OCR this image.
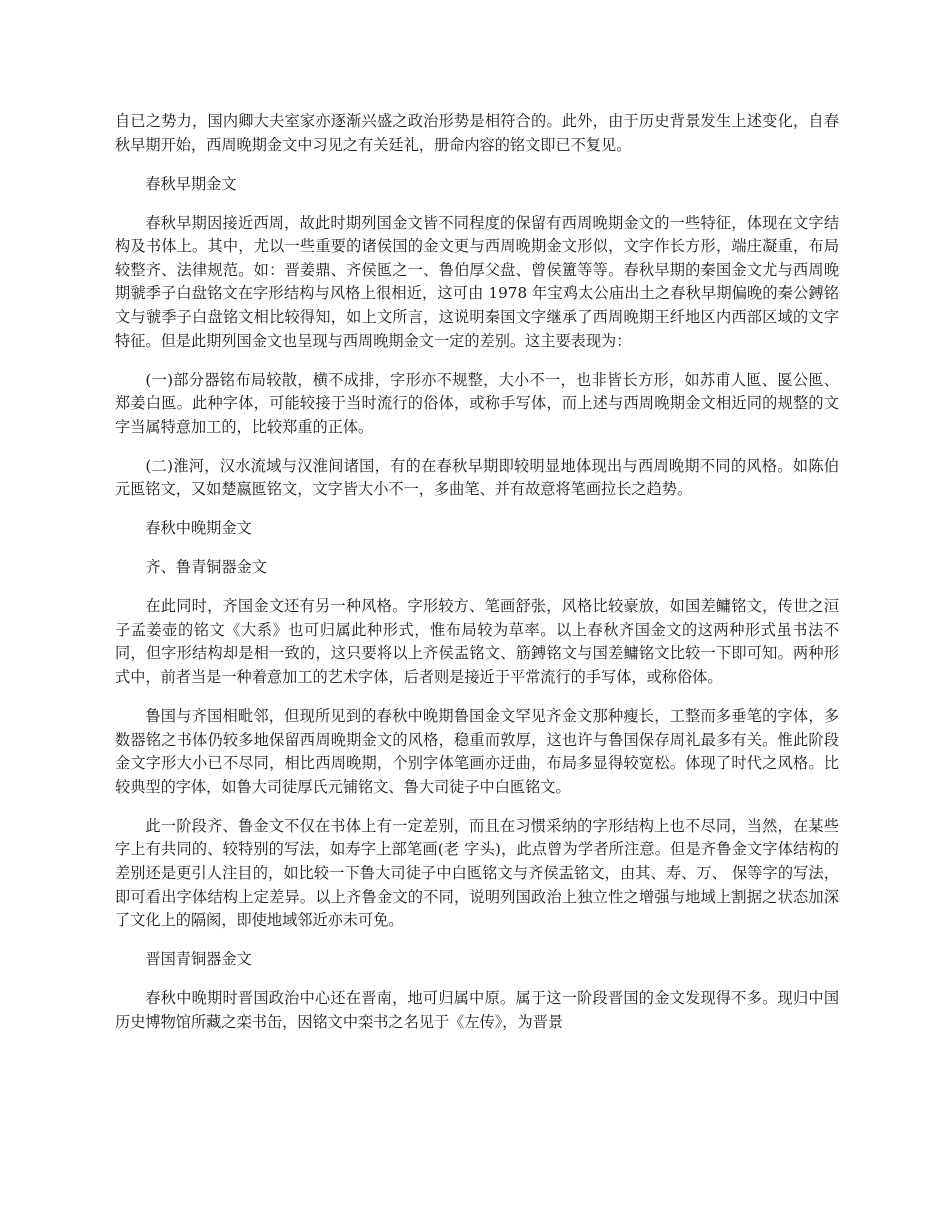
自已之势力，国内卿大夫室家亦逐渐兴盛之政治形势是相符合的。此外，由于历史背景发生上述变化，自春秋早期开始，西周晚期金文中习见之有关廷礼，册命内容的铭文即已不复见。

春秋早期金文

春秋早期因接近西周，故此时期列国金文皆不同程度的保留有西周晚期金文的一些特征，体现在文字结构及书体上。其中，尤以一些重要的诸侯国的金文更与西周晚期金文形似，文字作长方形，端庄凝重，布局较整齐、法律规范。如：晋姜鼎、齐侯匜之一、鲁伯厚父盘、曾侯簠等等。春秋早期的秦国金文尤与西周晚期虢季子白盘铭文在字形结构与风格上很相近，这可由 1978 年宝鸡太公庙出土之春秋早期偏晚的秦公鎛铭文与虢季子白盘铭文相比较得知，如上文所言，这说明秦国文字继承了西周晚期王纤地区内西部区域的文字特征。但是此期列国金文也呈现与西周晚期金文一定的差别。这主要表现为：

(一)部分器铭布局较散，横不成排，字形亦不规整，大小不一，也非皆长方形，如苏甫人匜、匽公匜、郑姜白匜。此种字体，可能较接于当时流行的俗体，或称手写体，而上述与西周晚期金文相近同的规整的文字当属特意加工的，比较郑重的正体。

(二)淮河，汉水流域与汉淮间诸国，有的在春秋早期即较明显地体现出与西周晚期不同的风格。如陈伯元匜铭文，又如楚嬴匜铭文，文字皆大小不一，多曲笔、并有故意将笔画拉长之趋势。

春秋中晚期金文

齐、鲁青铜器金文

在此同时，齐国金文还有另一种风格。字形较方、笔画舒张，风格比较豪放，如国差鳙铭文，传世之洹子孟姜壶的铭文《大系》也可归属此种形式，惟布局较为草率。以上春秋齐国金文的这两种形式虽书法不同，但字形结构却是相一致的，这只要将以上齐侯盂铭文、筋鎛铭文与国差鳙铭文比较一下即可知。两种形式中，前者当是一种着意加工的艺术字体，后者则是接近于平常流行的手写体，或称俗体。

鲁国与齐国相毗邻，但现所见到的春秋中晚期鲁国金文罕见齐金文那种瘦长，工整而多垂笔的字体，多数器铭之书体仍较多地保留西周晚期金文的风格，稳重而敦厚，这也许与鲁国保存周礼最多有关。惟此阶段金文字形大小已不尽同，相比西周晚期，个别字体笔画亦迂曲，布局多显得较宽松。体现了时代之风格。比较典型的字体，如鲁大司徒厚氏元铺铭文、鲁大司徒子中白匜铭文。

此一阶段齐、鲁金文不仅在书体上有一定差别，而且在习惯采纳的字形结构上也不尽同，当然，在某些字上有共同的、较特别的写法，如寿字上部笔画(老 字头)，此点曾为学者所注意。但是齐鲁金文字体结构的差别还是更引人注目的，如比较一下鲁大司徒子中白匜铭文与齐侯盂铭文，由其、寿、万、 保等字的写法，即可看出字体结构上定差异。以上齐鲁金文的不同，说明列国政治上独立性之增强与地域上割据之状态加深了文化上的隔阂，即使地域邻近亦未可免。

晋国青铜器金文

春秋中晚期时晋国政治中心还在晋南，地可归属中原。属于这一阶段晋国的金文发现得不多。现归中国历史博物馆所藏之栾书缶，因铭文中栾书之名见于《左传》，为晋景
